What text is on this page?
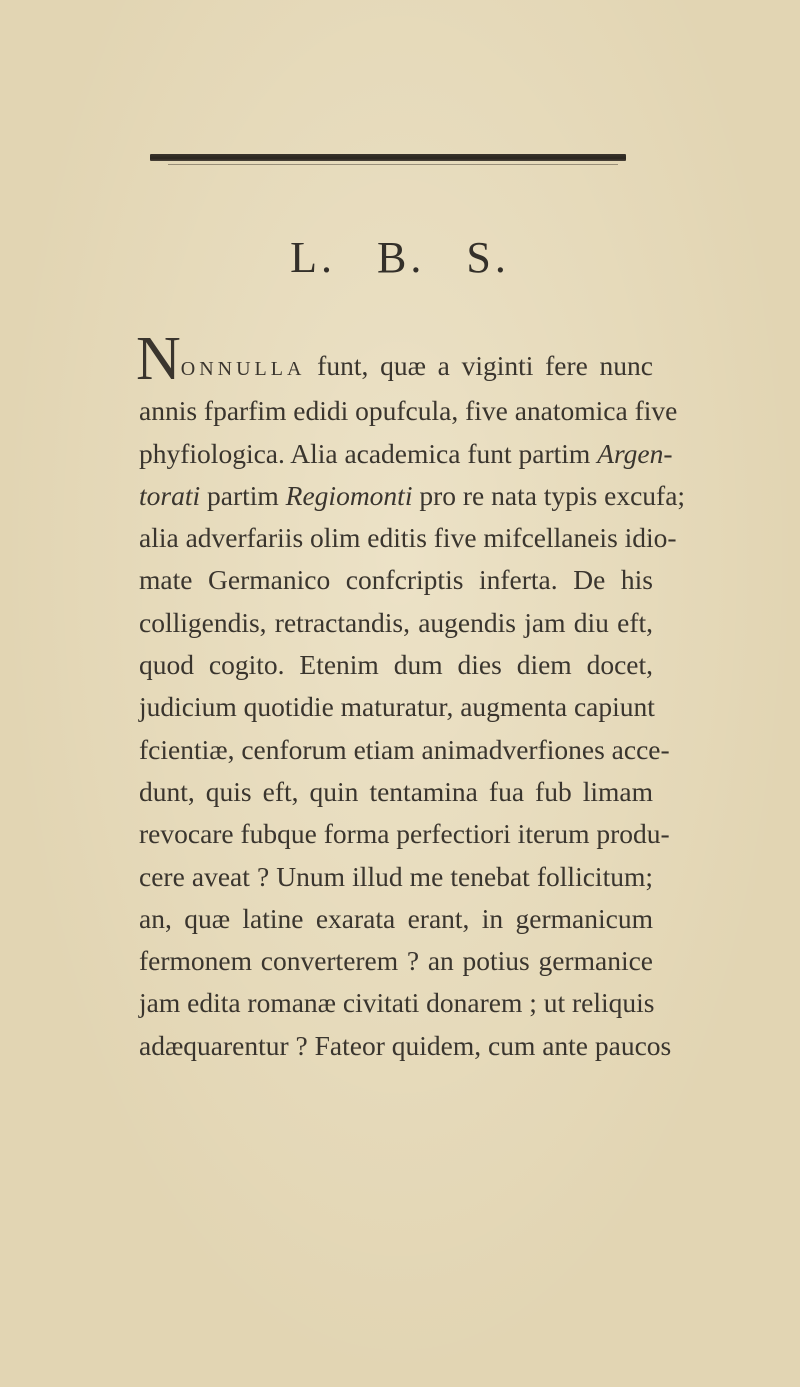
L. B. S.
NONNULLA funt, quæ a viginti fere nunc
annis fparfim edidi opufcula, five anatomica five
phyfiologica. Alia academica funt partim Argen-
torati partim Regiomonti pro re nata typis excufa;
alia adverfariis olim editis five mifcellaneis idio-
mate Germanico confcriptis inferta. De his
colligendis, retractandis, augendis jam diu eft,
quod cogito. Etenim dum dies diem docet,
judicium quotidie maturatur, augmenta capiunt
fcientiæ, cenforum etiam animadverfiones acce-
dunt, quis eft, quin tentamina fua fub limam
revocare fubque forma perfectiori iterum produ-
cere aveat ? Unum illud me tenebat follicitum;
an, quæ latine exarata erant, in germanicum
fermonem converterem ? an potius germanice
jam edita romanæ civitati donarem ; ut reliquis
adæquarentur ? Fateor quidem, cum ante paucos
